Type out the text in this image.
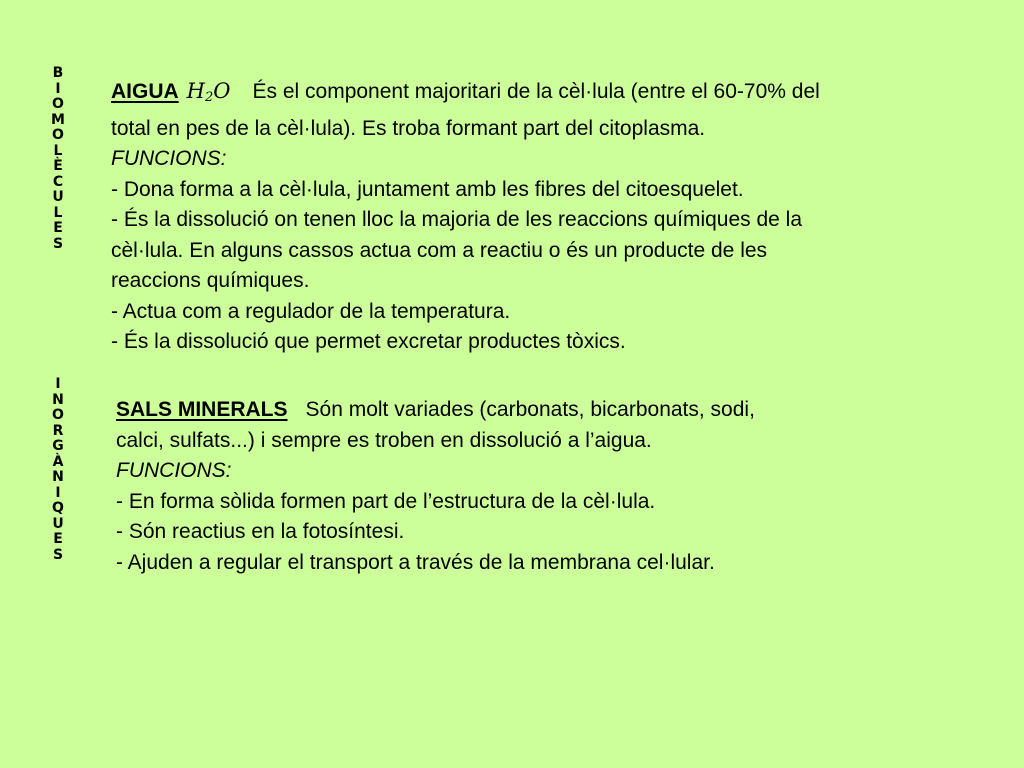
B
I
O
M
O
L
È
C
U
L
E
S
I
N
O
R
G
À
N
I
Q
U
E
S
AIGUA $H_2O$ És el component majoritari de la cèl·lula (entre el 60-70% del
total en pes de la cèl·lula). Es troba formant part del citoplasma.
FUNCIONS:
- Dona forma a la cèl·lula, juntament amb les fibres del citoesquelet.
- És la dissolució on tenen lloc la majoria de les reaccions químiques de la
cèl·lula. En alguns cassos actua com a reactiu o és un producte de les
reaccions químiques.
- Actua com a regulador de la temperatura.
- És la dissolució que permet excretar productes tòxics.
SALS MINERALS Són molt variades (carbonats, bicarbonats, sodi,
calci, sulfats...) i sempre es troben en dissolució a l’aigua.
FUNCIONS:
- En forma sòlida formen part de l’estructura de la cèl·lula.
- Són reactius en la fotosíntesi.
- Ajuden a regular el transport a través de la membrana cel·lular.
